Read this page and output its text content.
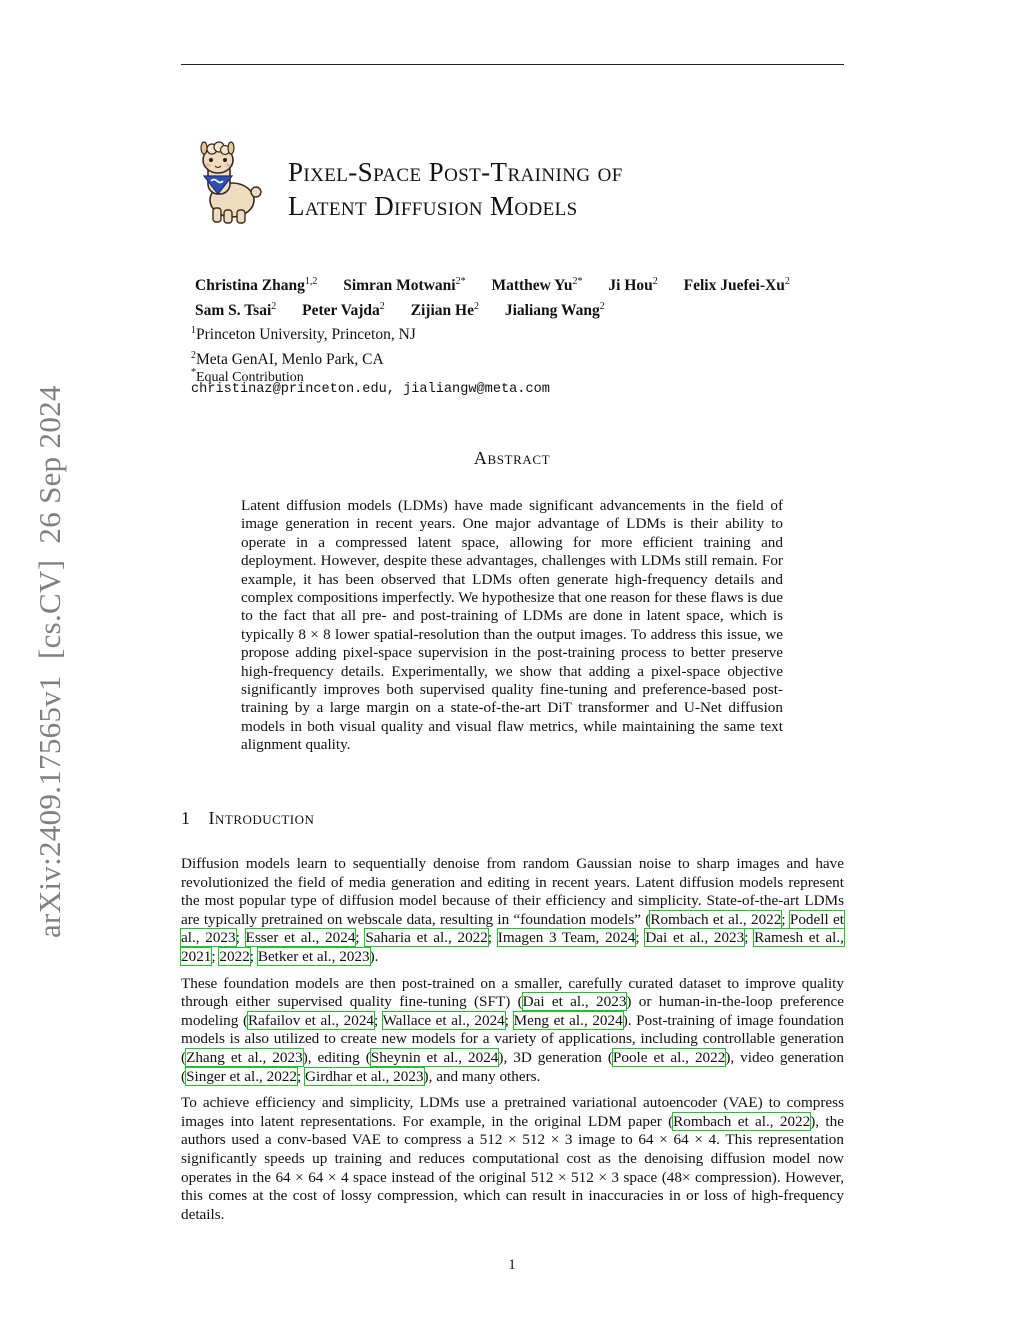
arXiv:2409.17565v1  [cs.CV]  26 Sep 2024
Pixel-Space Post-Training of
Latent Diffusion Models
Christina Zhang$^{1,2}$ Simran Motwani$^{2*}$ Matthew $Yu^{2*}$ Ji Hou$^2$ Felix Juefei-Xu$^2$
Sam S. Tsai$^2$ Peter Vajda$^2$ Zijian He$^2$ Jialiang Wang$^2$
$^1$Princeton University, Princeton, NJ
$^2$Meta GenAI, Menlo Park, CA
*Equal Contribution
christinaz@princeton.edu, jialiangw@meta.com
Abstract
Latent diffusion models (LDMs) have made significant advancements in the field of image generation in recent years. One major advantage of LDMs is their ability to operate in a compressed latent space, allowing for more efficient training and deployment. However, despite these advantages, challenges with LDMs still remain. For example, it has been observed that LDMs often generate high-frequency details and complex compositions imperfectly. We hypothesize that one reason for these flaws is due to the fact that all pre- and post-training of LDMs are done in latent space, which is typically 8 × 8 lower spatial-resolution than the output images. To address this issue, we propose adding pixel-space supervision in the post-training process to better preserve high-frequency details. Experimentally, we show that adding a pixel-space objective significantly improves both supervised quality fine-tuning and preference-based post-training by a large margin on a state-of-the-art DiT transformer and U-Net diffusion models in both visual quality and visual flaw metrics, while maintaining the same text alignment quality.
1 Introduction

Diffusion models learn to sequentially denoise from random Gaussian noise to sharp images and have revolutionized the field of media generation and editing in recent years. Latent diffusion models represent the most popular type of diffusion model because of their efficiency and simplicity. State-of-the-art LDMs are typically pretrained on webscale data, resulting in “foundation models” (Rombach et al., 2022; Podell et al., 2023; Esser et al., 2024; Saharia et al., 2022; Imagen 3 Team, 2024; Dai et al., 2023; Ramesh et al., 2021; 2022; Betker et al., 2023).

These foundation models are then post-trained on a smaller, carefully curated dataset to improve quality through either supervised quality fine-tuning (SFT) (Dai et al., 2023) or human-in-the-loop preference modeling (Rafailov et al., 2024; Wallace et al., 2024; Meng et al., 2024). Post-training of image foundation models is also utilized to create new models for a variety of applications, including controllable generation (Zhang et al., 2023), editing (Sheynin et al., 2024), 3D generation (Poole et al., 2022), video generation (Singer et al., 2022; Girdhar et al., 2023), and many others.

To achieve efficiency and simplicity, LDMs use a pretrained variational autoencoder (VAE) to compress images into latent representations. For example, in the original LDM paper (Rombach et al., 2022), the authors used a conv-based VAE to compress a 512 × 512 × 3 image to 64 × 64 × 4. This representation significantly speeds up training and reduces computational cost as the denoising diffusion model now operates in the 64 × 64 × 4 space instead of the original 512 × 512 × 3 space (48× compression). However, this comes at the cost of lossy compression, which can result in inaccuracies in or loss of high-frequency details.

1
